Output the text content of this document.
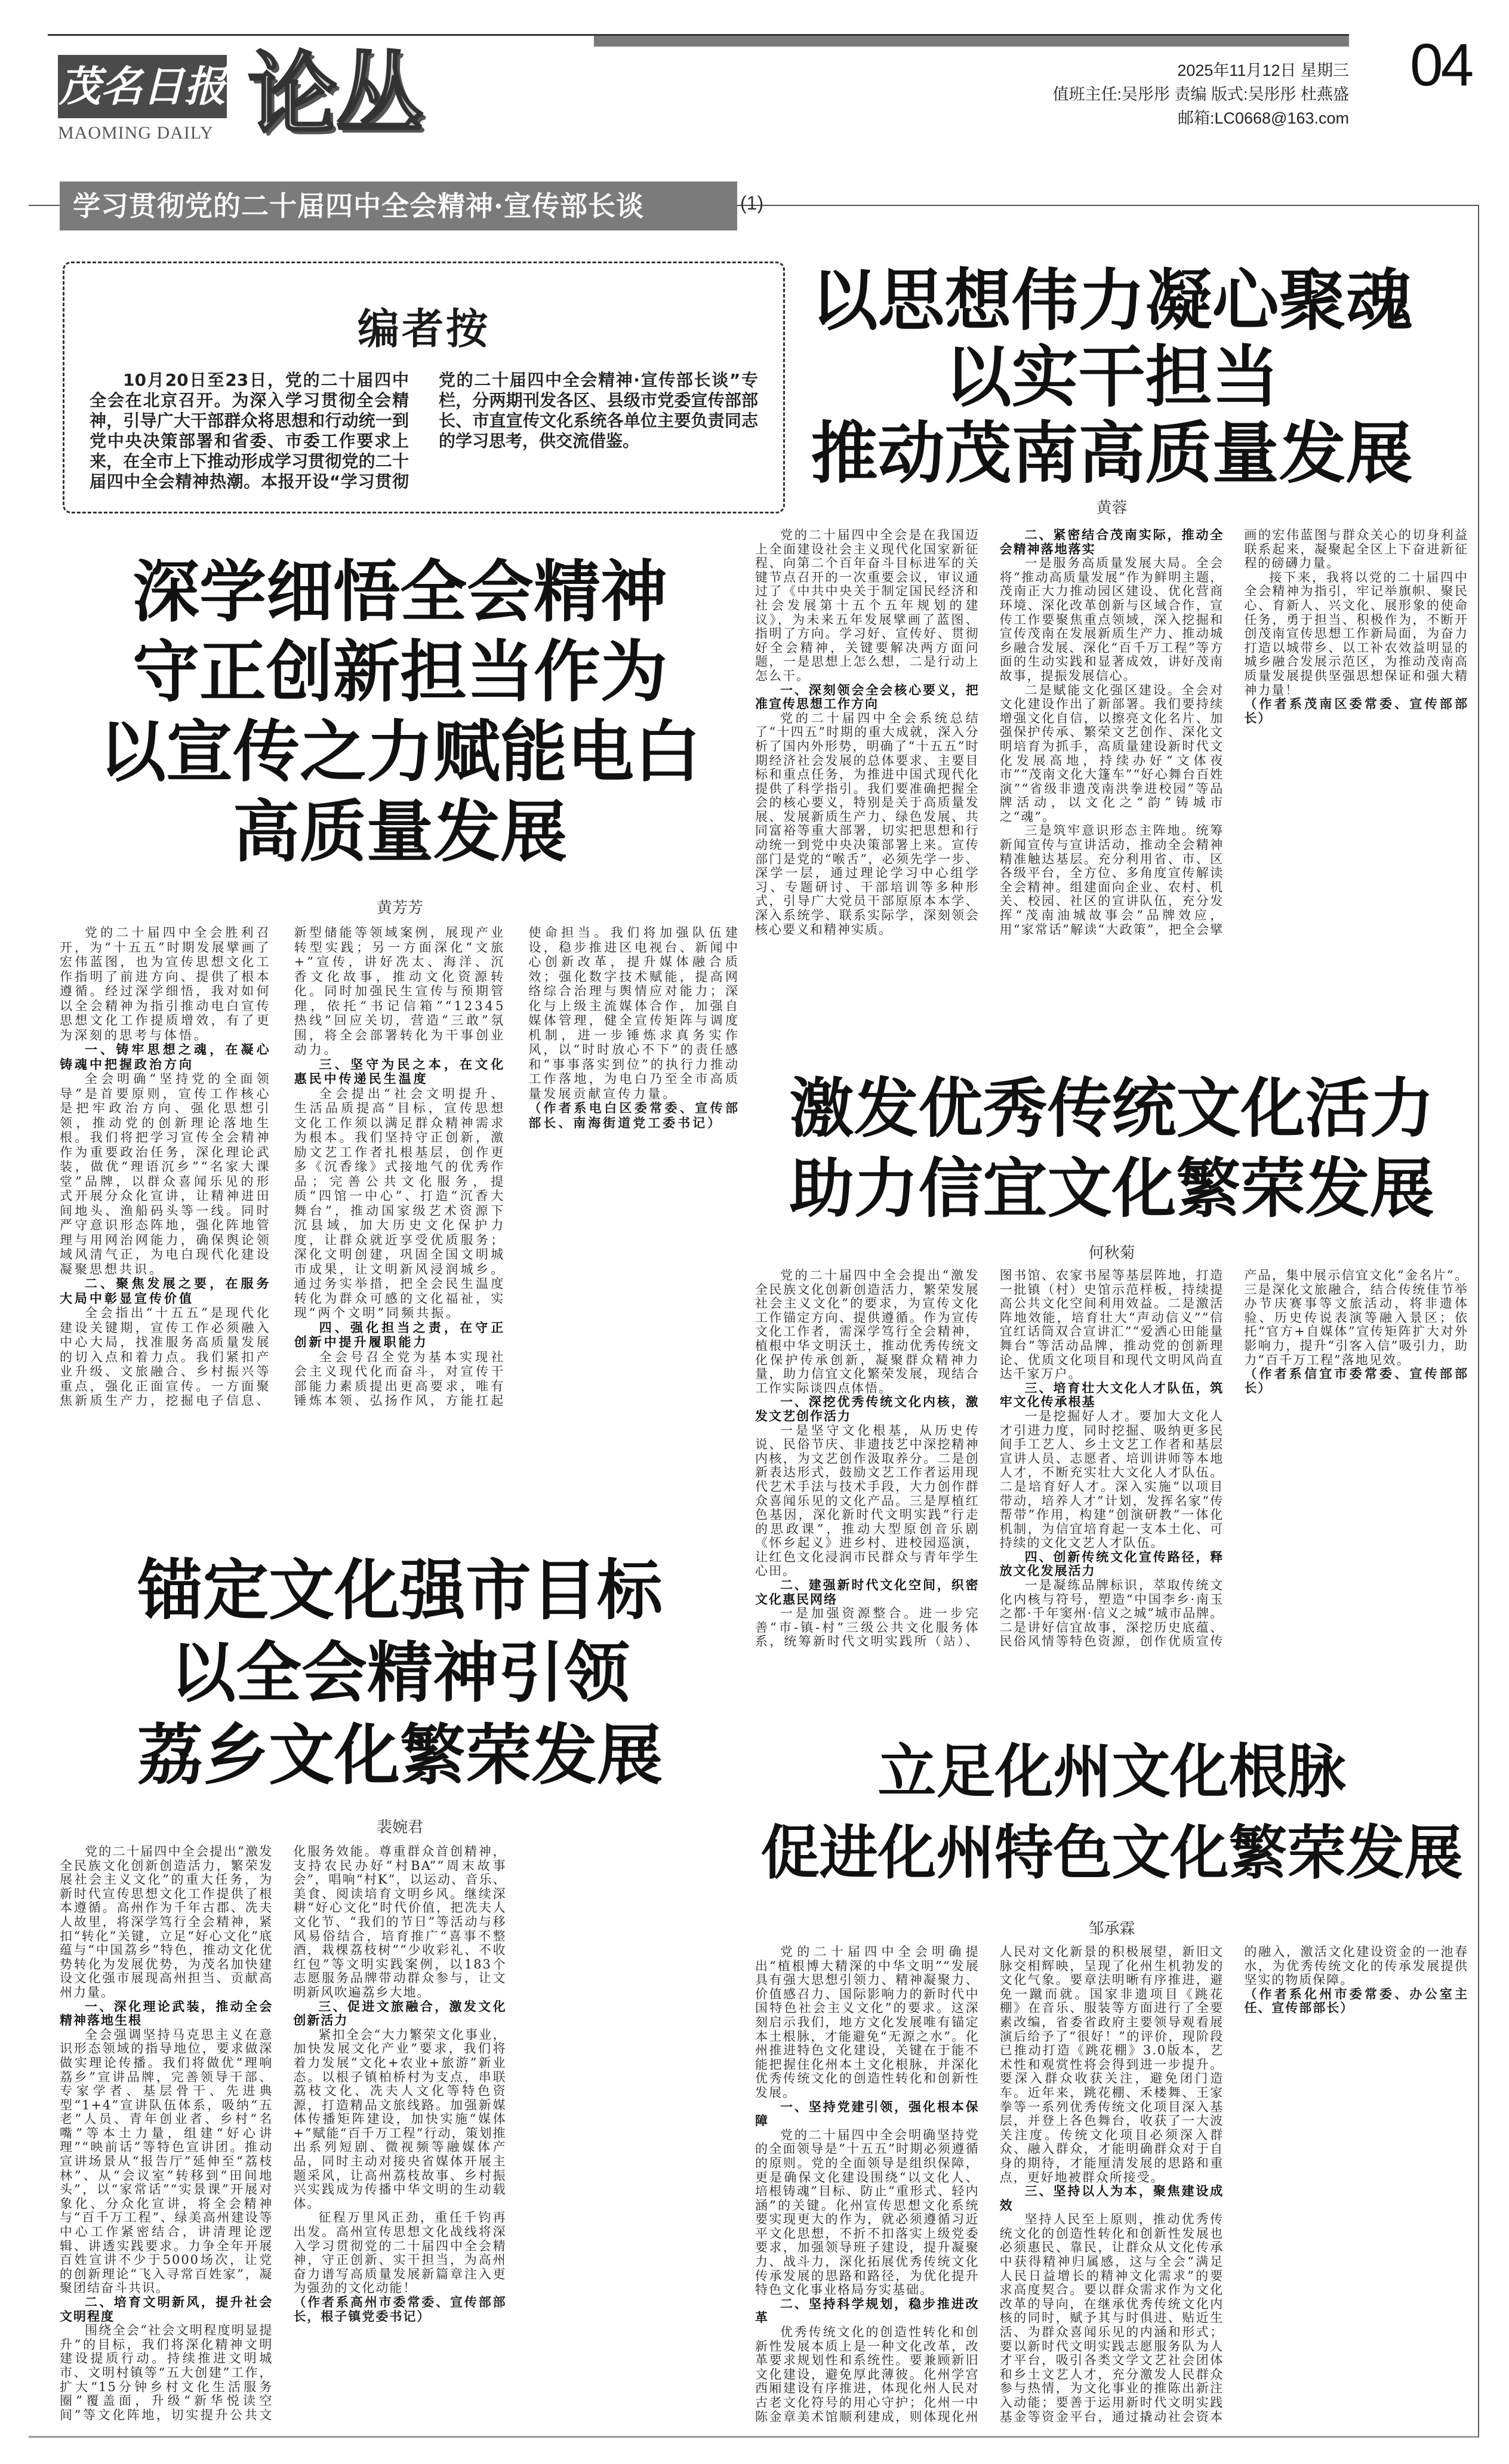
茂名日报
MAOMING DAILY 论丛	2025年11月12日 星期三
值班主任:吴彤彤 责编 版式:吴彤彤 杜燕盛
邮箱:LC0668@163.com
04
学习贯彻党的二十届四中全会精神·宣传部长谈	(1)
编者按

10月20日至23日，党的二十届四中全会在北京召开。为深入学习贯彻全会精神，引导广大干部群众将思想和行动统一到党中央决策部署和省委、市委工作要求上来，在全市上下推动形成学习贯彻党的二十届四中全会精神热潮。本报开设“学习贯彻党的二十届四中全会精神·宣传部长谈”专栏，分两期刊发各区、县级市党委宣传部部长、市直宣传文化系统各单位主要负责同志的学习思考，供交流借鉴。

以思想伟力凝心聚魂
以实干担当
推动茂南高质量发展
黄蓉

党的二十届四中全会是在我国迈上全面建设社会主义现代化国家新征程、向第二个百年奋斗目标进军的关键节点召开的一次重要会议，审议通过了《中共中央关于制定国民经济和社会发展第十五个五年规划的建议》，为未来五年发展擘画了蓝图、指明了方向。学习好、宣传好、贯彻好全会精神，关键要解决两方面问题，一是思想上怎么想，二是行动上怎么干。

一、深刻领会全会核心要义，把准宣传思想工作方向

党的二十届四中全会系统总结了“十四五”时期的重大成就，深入分析了国内外形势，明确了“十五五”时期经济社会发展的总体要求、主要目标和重点任务，为推进中国式现代化提供了科学指引。我们要准确把握全会的核心要义，特别是关于高质量发展、发展新质生产力、绿色发展、共同富裕等重大部署，切实把思想和行动统一到党中央决策部署上来。宣传部门是党的“喉舌”，必须先学一步、深学一层，通过理论学习中心组学习、专题研讨、干部培训等多种形式，引导广大党员干部原原本本学、深入系统学、联系实际学，深刻领会核心要义和精神实质。

二、紧密结合茂南实际，推动全会精神落地落实

一是服务高质量发展大局。全会将“推动高质量发展”作为鲜明主题，茂南正大力推动园区建设、优化营商环境、深化改革创新与区域合作，宣传工作要聚焦重点领域，深入挖掘和宣传茂南在发展新质生产力、推动城乡融合发展、深化“百千万工程”等方面的生动实践和显著成效，讲好茂南故事，提振发展信心。

二是赋能文化强区建设。全会对文化建设作出了新部署。我们要持续增强文化自信，以擦亮文化名片、加强保护传承、繁荣文艺创作、深化文明培育为抓手，高质量建设新时代文化发展高地，持续办好“文体夜市”“茂南文化大篷车”“好心舞台百姓演”“省级非遗茂南洪拳进校园”等品牌活动，以文化之“韵”铸城市之“魂”。

三是筑牢意识形态主阵地。统筹新闻宣传与宣讲活动，推动全会精神精准触达基层。充分利用省、市、区各级平台，全方位、多角度宣传解读全会精神。组建面向企业、农村、机关、校园、社区的宣讲队伍，充分发挥“茂南油城故事会”品牌效应，用“家常话”解读“大政策”，把全会擘画的宏伟蓝图与群众关心的切身利益联系起来，凝聚起全区上下奋进新征程的磅礴力量。

接下来，我将以党的二十届四中全会精神为指引，牢记举旗帜、聚民心、育新人、兴文化、展形象的使命任务，勇于担当、积极作为，不断开创茂南宣传思想工作新局面，为奋力打造以城带乡、以工补农效益明显的城乡融合发展示范区，为推动茂南高质量发展提供坚强思想保证和强大精神力量！

（作者系茂南区委常委、宣传部部长）

深学细悟全会精神
守正创新担当作为
以宣传之力赋能电白
高质量发展
黄芳芳

党的二十届四中全会胜利召开，为“十五五”时期发展擘画了宏伟蓝图，也为宣传思想文化工作指明了前进方向、提供了根本遵循。经过深学细悟，我对如何以全会精神为指引推动电白宣传思想文化工作提质增效，有了更为深刻的思考与体悟。

一、铸牢思想之魂，在凝心铸魂中把握政治方向

全会明确“坚持党的全面领导”是首要原则，宣传工作核心是把牢政治方向、强化思想引领，推动党的创新理论落地生根。我们将把学习宣传全会精神作为重要政治任务，深化理论武装，做优“理语沉乡”“名家大课堂”品牌，以群众喜闻乐见的形式开展分众化宣讲，让精神进田间地头、渔船码头等一线。同时严守意识形态阵地，强化阵地管理与用网治网能力，确保舆论领域风清气正，为电白现代化建设凝聚思想共识。

二、聚焦发展之要，在服务大局中彰显宣传价值

全会指出“十五五”是现代化建设关键期，宣传工作必须融入中心大局，找准服务高质量发展的切入点和着力点。我们紧扣产业升级、文旅融合、乡村振兴等重点，强化正面宣传。一方面聚焦新质生产力，挖掘电子信息、新型储能等领域案例，展现产业转型实践；另一方面深化“文旅+”宣传，讲好冼太、海洋、沉香文化故事，推动文化资源转化。同时加强民生宣传与预期管理，依托“书记信箱”“12345热线”回应关切，营造“三敢”氛围，将全会部署转化为干事创业动力。

三、坚守为民之本，在文化惠民中传递民生温度

全会提出“社会文明提升、生活品质提高”目标，宣传思想文化工作须以满足群众精神需求为根本。我们坚持守正创新，激励文艺工作者扎根基层，创作更多《沉香缘》式接地气的优秀作品；完善公共文化服务，提质“四馆一中心”、打造“沉香大舞台”，推动国家级艺术资源下沉县域，加大历史文化保护力度，让群众就近享受优质服务；深化文明创建，巩固全国文明城市成果，让文明新风浸润城乡。通过务实举措，把全会民生温度转化为群众可感的文化福祉，实现“两个文明”同频共振。

四、强化担当之责，在守正创新中提升履职能力

全会号召全党为基本实现社会主义现代化而奋斗，对宣传干部能力素质提出更高要求，唯有锤炼本领、弘扬作风，方能扛起使命担当。我们将加强队伍建设，稳步推进区电视台、新闻中心创新改革，提升媒体融合质效；强化数字技术赋能，提高网络综合治理与舆情应对能力；深化与上级主流媒体合作，加强自媒体管理，健全宣传矩阵与调度机制，进一步锤炼求真务实作风，以“时时放心不下”的责任感和“事事落实到位”的执行力推动工作落地，为电白乃至全市高质量发展贡献宣传力量。

（作者系电白区委常委、宣传部部长、南海街道党工委书记）	激发优秀传统文化活力
助力信宜文化繁荣发展
何秋菊

党的二十届四中全会提出“激发全民族文化创新创造活力，繁荣发展社会主义文化”的要求，为宣传文化工作锚定方向、提供遵循。作为宣传文化工作者，需深学笃行全会精神，植根中华文明沃土，推动优秀传统文化保护传承创新，凝聚群众精神力量，助力信宜文化繁荣发展，现结合工作实际谈四点体悟。

一、深挖优秀传统文化内核，激发文艺创作活力

一是坚守文化根基，从历史传说、民俗节庆、非遗技艺中深挖精神内核，为文艺创作汲取养分。二是创新表达形式，鼓励文艺工作者运用现代艺术手法与技术手段，大力创作群众喜闻乐见的文化产品。三是厚植红色基因，深化新时代文明实践“行走的思政课”，推动大型原创音乐剧《怀乡起义》进乡村、进校园巡演，让红色文化浸润市民群众与青年学生心田。

二、建强新时代文化空间，织密文化惠民网络

一是加强资源整合。进一步完善“市-镇-村”三级公共文化服务体系，统筹新时代文明实践所（站）、图书馆、农家书屋等基层阵地，打造一批镇（村）史馆示范样板，持续提高公共文化空间利用效益。二是激活阵地效能，培育壮大“声动信义”“信宜红话筒双合宣讲汇”“爱洒心田能量舞台”等活动品牌，推动党的创新理论、优质文化项目和现代文明风尚直达千家万户。

三、培育壮大文化人才队伍，筑牢文化传承根基

一是挖掘好人才。要加大文化人才引进力度，同时挖掘、吸纳更多民间手工艺人、乡土文艺工作者和基层宣讲人员、志愿者、培训讲师等本地人才，不断充实壮大文化人才队伍。二是培育好人才。深入实施“以项目带动，培养人才”计划，发挥名家“传帮带”作用，构建“创演研教”一体化机制，为信宜培育起一支本土化、可持续的文化文艺人才队伍。

四、创新传统文化宣传路径，释放文化发展活力

一是凝练品牌标识，萃取传统文化内核与符号，塑造“中国李乡·南玉之都·千年窦州·信义之城”城市品牌。二是讲好信宜故事，深挖历史底蕴、民俗风情等特色资源，创作优质宣传产品，集中展示信宜文化“金名片”。三是深化文旅融合，结合传统佳节举办节庆赛事等文旅活动，将非遗体验、历史传说表演等融入景区；依托“官方+自媒体”宣传矩阵扩大对外影响力，提升“引客入信”吸引力，助力“百千万工程”落地见效。

（作者系信宜市委常委、宣传部部长）

锚定文化强市目标
以全会精神引领
荔乡文化繁荣发展
裴婉君

党的二十届四中全会提出“激发全民族文化创新创造活力，繁荣发展社会主义文化”的重大任务，为新时代宣传思想文化工作提供了根本遵循。高州作为千年古郡、冼夫人故里，将深学笃行全会精神，紧扣“转化”关键，立足“好心文化”底蕴与“中国荔乡”特色，推动文化优势转化为发展优势，为茂名加快建设文化强市展现高州担当、贡献高州力量。

一、深化理论武装，推动全会精神落地生根

全会强调坚持马克思主义在意识形态领域的指导地位，要求做深做实理论传播。我们将做优“理响荔乡”宣讲品牌，完善领导干部、专家学者、基层骨干、先进典型“1+4”宣讲队伍体系，吸纳“五老”人员、青年创业者、乡村“名嘴”等本土力量，组建“好心讲理”“映前话”等特色宣讲团。推动宣讲场景从“报告厅”延伸至“荔枝林”、从“会议室”转移到“田间地头”，以“家常话”“实景课”开展对象化、分众化宣讲，将全会精神与“百千万工程”、绿美高州建设等中心工作紧密结合，讲清理论逻辑、讲透实践要求。力争全年开展百姓宣讲不少于5000场次，让党的创新理论“飞入寻常百姓家”，凝聚团结奋斗共识。

二、培育文明新风，提升社会文明程度

围绕全会“社会文明程度明显提升”的目标，我们将深化精神文明建设提质行动。持续推进文明城市、文明村镇等“五大创建”工作，扩大“15分钟乡村文化生活服务圈”覆盖面，升级“新华悦读空间”等文化阵地，切实提升公共文化服务效能。尊重群众首创精神，支持农民办好“村BA”“周末故事会”，唱响“村K”，以运动、音乐、美食、阅读培育文明乡风。继续深耕“好心文化”时代价值，把冼夫人文化节、“我们的节日”等活动与移风易俗结合，培育推广“喜事不整酒，栽棵荔枝树”“少收彩礼、不收红包”等文明实践案例，以183个志愿服务品牌带动群众参与，让文明新风吹遍荔乡大地。

三、促进文旅融合，激发文化创新活力

紧扣全会“大力繁荣文化事业，加快发展文化产业”要求，我们将着力发展“文化+农业+旅游”新业态。以根子镇柏桥村为支点，串联荔枝文化、冼夫人文化等特色资源，打造精品文旅线路。加强新媒体传播矩阵建设，加快实施“媒体+”赋能“百千万工程”行动，策划推出系列短剧、微视频等融媒体产品，同时主动对接央省媒体开展主题采风，让高州荔枝故事、乡村振兴实践成为传播中华文明的生动载体。

征程万里风正劲，重任千钧再出发。高州宣传思想文化战线将深入学习贯彻党的二十届四中全会精神，守正创新、实干担当，为高州奋力谱写高质量发展新篇章注入更为强劲的文化动能！

（作者系高州市委常委、宣传部部长，根子镇党委书记）

立足化州文化根脉
促进化州特色文化繁荣发展
邹承霖

党的二十届四中全会明确提出“植根博大精深的中华文明”“发展具有强大思想引领力、精神凝聚力、价值感召力、国际影响力的新时代中国特色社会主义文化”的要求。这深刻启示我们，地方文化发展唯有锚定本土根脉，才能避免“无源之水”。化州推进特色文化建设，关键在于能不能把握住化州本土文化根脉，并深化优秀传统文化的创造性转化和创新性发展。

一、坚持党建引领，强化根本保障

党的二十届四中全会明确坚持党的全面领导是“十五五”时期必须遵循的原则。党的全面领导是组织保障，更是确保文化建设围绕“以文化人、培根铸魂”目标、防止“重形式、轻内涵”的关键。化州宣传思想文化系统要实现更大的作为，就必须遵循习近平文化思想，不折不扣落实上级党委要求，加强领导班子建设，提升凝聚力、战斗力，深化拓展优秀传统文化传承发展的思路和路径，为优化提升特色文化事业格局夯实基础。

二、坚持科学规划，稳步推进改革

优秀传统文化的创造性转化和创新性发展本质上是一种文化改革，改革要求规划性和系统性。要兼顾新旧文化建设，避免厚此薄彼。化州学宫西厢建设有序推进，体现化州人民对古老文化符号的用心守护；化州一中陈金章美术馆顺利建成，则体现化州人民对文化新景的积极展望，新旧文脉交相辉映，呈现了化州生机勃发的文化气象。要章法明晰有序推进，避免一蹴而就。国家非遗项目《跳花棚》在音乐、服装等方面进行了全要素改编，省委省政府主要领导观看展演后给予了“很好！”的评价，现阶段已推动打造《跳花棚》3.0版本，艺术性和观赏性将会得到进一步提升。要深入群众收获关注，避免闭门造车。近年来，跳花棚、禾楼舞、王家拳等一系列优秀传统文化项目深入基层，并登上各色舞台，收获了一大波关注度。传统文化项目必须深入群众、融入群众，才能明确群众对于自身的期待，才能厘清发展的思路和重点，更好地被群众所接受。

三、坚持以人为本，聚焦建设成效

坚持人民至上原则，推动优秀传统文化的创造性转化和创新性发展也必须惠民、靠民，让群众从文化传承中获得精神归属感，这与全会“满足人民日益增长的精神文化需求”的要求高度契合。要以群众需求作为文化改革的导向，在继承优秀传统文化内核的同时，赋予其与时俱进、贴近生活、为群众喜闻乐见的内涵和形式；要以新时代文明实践志愿服务队为人才平台，吸引各类文学文艺社会团体和乡土文艺人才，充分激发人民群众参与热情，为文化事业的推陈出新注入动能；要善于运用新时代文明实践基金等资金平台，通过撬动社会资本的融入，激活文化建设资金的一池春水，为优秀传统文化的传承发展提供坚实的物质保障。

（作者系化州市委常委、办公室主任、宣传部部长）
